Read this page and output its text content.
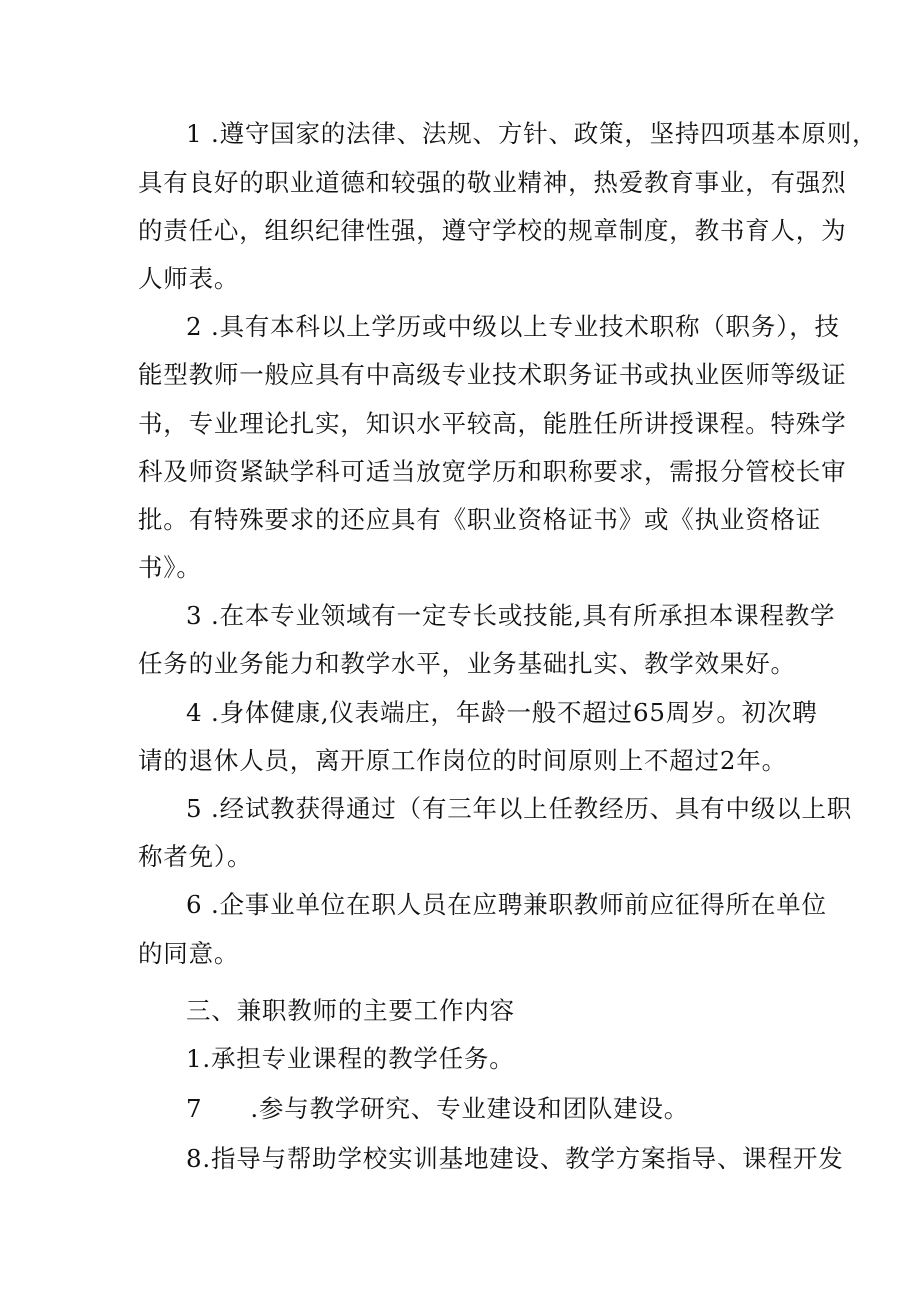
1 .遵守国家的法律、法规、方针、政策，坚持四项基本原则，
具有良好的职业道德和较强的敬业精神，热爱教育事业，有强烈
的责任心，组织纪律性强，遵守学校的规章制度，教书育人，为
人师表。
2 .具有本科以上学历或中级以上专业技术职称（职务），技
能型教师一般应具有中高级专业技术职务证书或执业医师等级证
书，专业理论扎实，知识水平较高，能胜任所讲授课程。特殊学
科及师资紧缺学科可适当放宽学历和职称要求，需报分管校长审
批。有特殊要求的还应具有《职业资格证书》或《执业资格证
书》。
3 .在本专业领域有一定专长或技能,具有所承担本课程教学
任务的业务能力和教学水平，业务基础扎实、教学效果好。
4 .身体健康,仪表端庄，年龄一般不超过65周岁。初次聘
请的退休人员，离开原工作岗位的时间原则上不超过2年。
5 .经试教获得通过（有三年以上任教经历、具有中级以上职
称者免）。
6 .企事业单位在职人员在应聘兼职教师前应征得所在单位
的同意。
三、兼职教师的主要工作内容
1.承担专业课程的教学任务。
7 .参与教学研究、专业建设和团队建设。
8.指导与帮助学校实训基地建设、教学方案指导、课程开发
